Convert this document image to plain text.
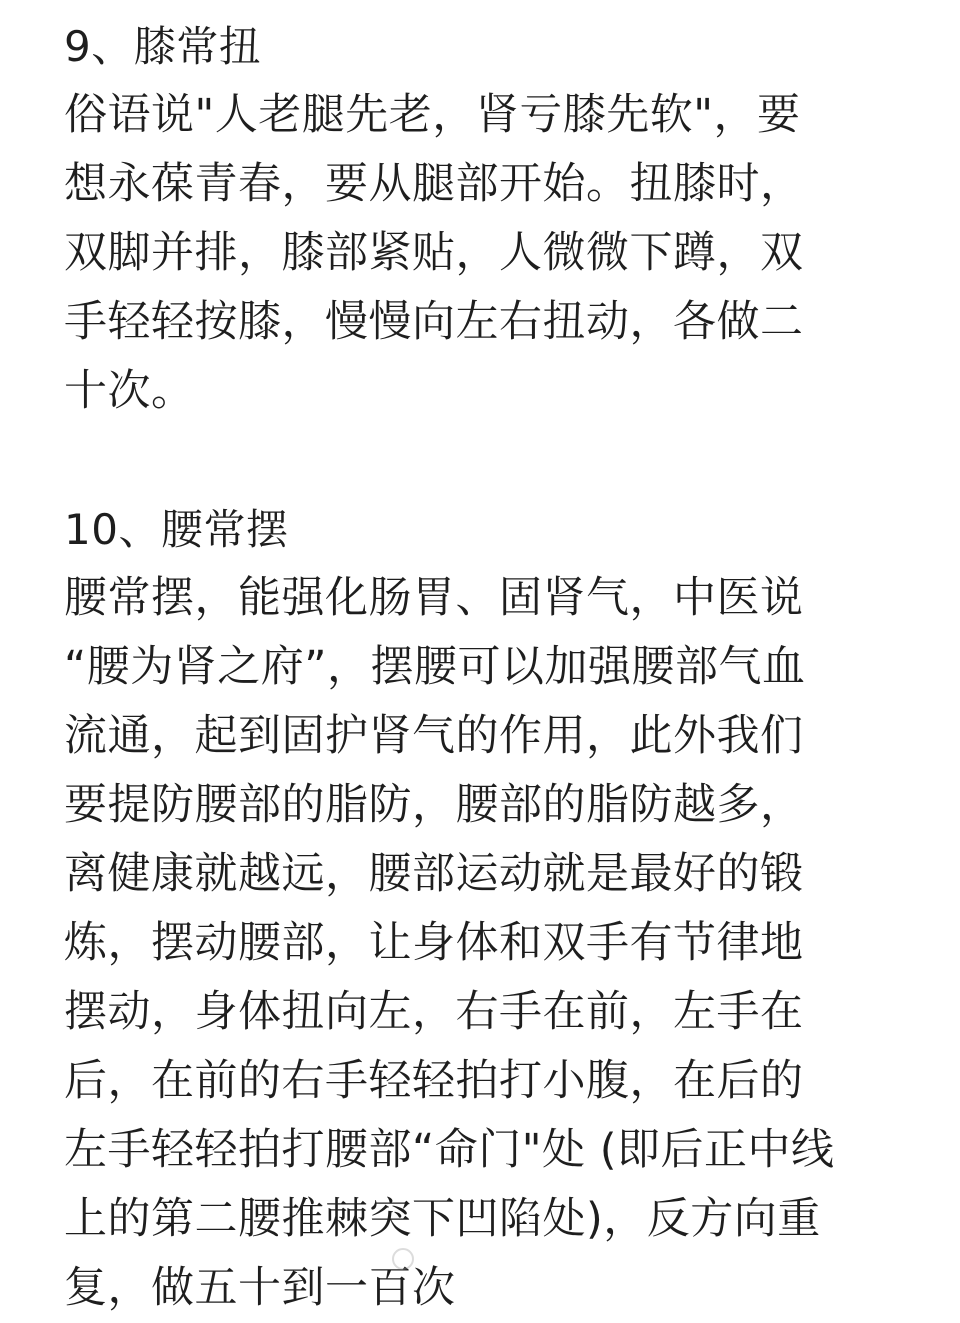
9、膝常扭
俗语说"人老腿先老，肾亏膝先软"，要
想永葆青春，要从腿部开始。扭膝时，
双脚并排，膝部紧贴，人微微下蹲，双
手轻轻按膝，慢慢向左右扭动，各做二
十次。
10、腰常摆
腰常摆，能强化肠胃、固肾气，中医说
“腰为肾之府”，摆腰可以加强腰部气血
流通，起到固护肾气的作用，此外我们
要提防腰部的脂防，腰部的脂防越多，
离健康就越远，腰部运动就是最好的锻
炼，摆动腰部，让身体和双手有节律地
摆动，身体扭向左，右手在前，左手在
后，在前的右手轻轻拍打小腹，在后的
左手轻轻拍打腰部“命门"处 (即后正中线
上的第二腰推棘突下凹陷处)，反方向重
复，做五十到一百次
